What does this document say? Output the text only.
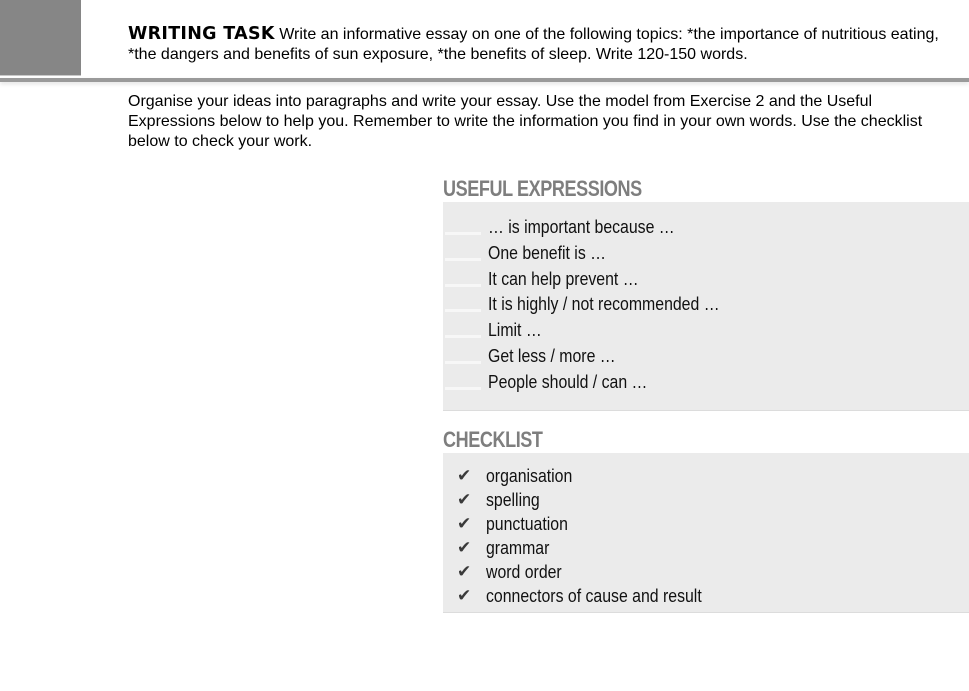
WRITING TASK Write an informative essay on one of the following topics: *the importance of nutritious eating, *the dangers and benefits of sun exposure, *the benefits of sleep. Write 120-150 words.
Organise your ideas into paragraphs and write your essay. Use the model from Exercise 2 and the Useful Expressions below to help you. Remember to write the information you find in your own words. Use the checklist below to check your work.
USEFUL EXPRESSIONS
… is important because …
One benefit is …
It can help prevent …
It is highly / not recommended …
Limit …
Get less / more …
People should / can …
CHECKLIST
✔ organisation
✔ spelling
✔ punctuation
✔ grammar
✔ word order
✔ connectors of cause and result
